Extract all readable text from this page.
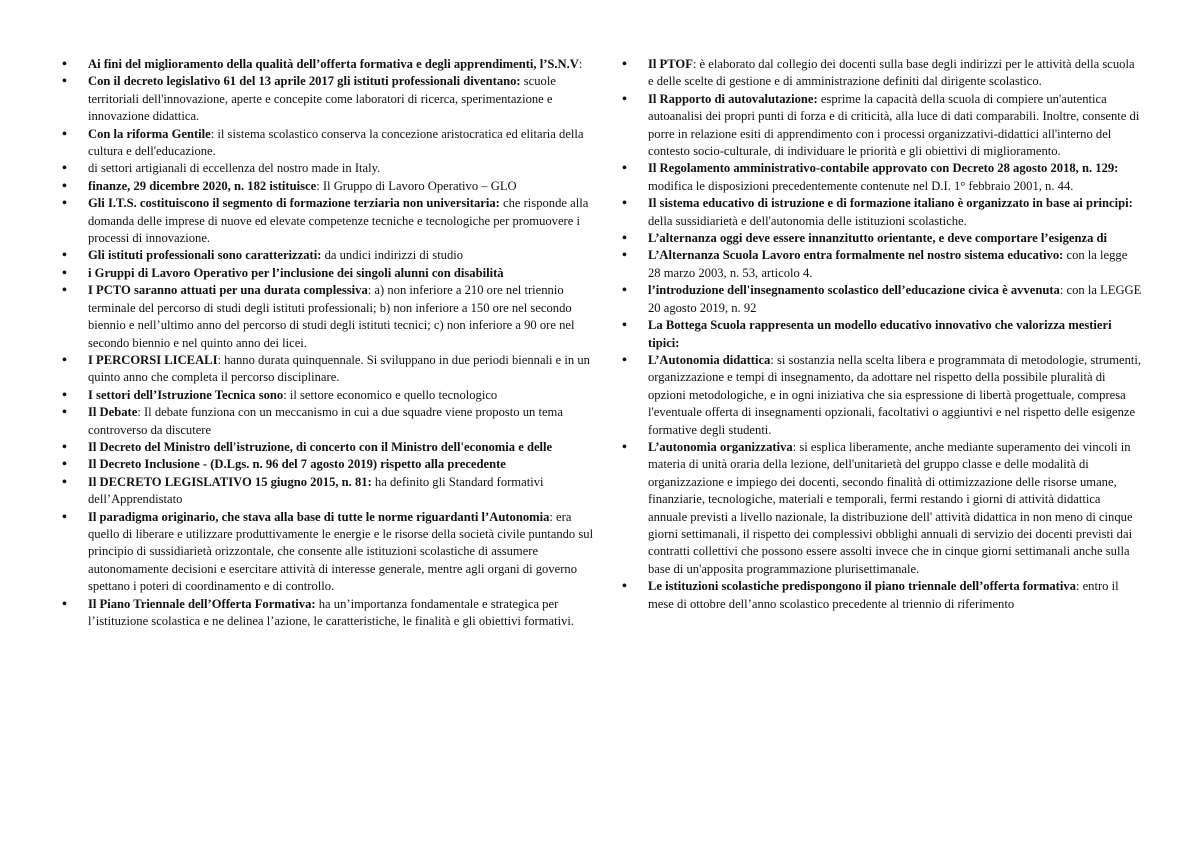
• Ai fini del miglioramento della qualità dell’offerta formativa e degli apprendimenti, l’S.N.V:
• Con il decreto legislativo 61 del 13 aprile 2017 gli istituti professionali diventano: scuole territoriali dell'innovazione, aperte e concepite come laboratori di ricerca, sperimentazione e innovazione didattica.
• Con la riforma Gentile: il sistema scolastico conserva la concezione aristocratica ed elitaria della cultura e dell'educazione.
• di settori artigianali di eccellenza del nostro made in Italy.
• finanze, 29 dicembre 2020, n. 182 istituisce: Il Gruppo di Lavoro Operativo – GLO
• Gli I.T.S. costituiscono il segmento di formazione terziaria non universitaria: che risponde alla domanda delle imprese di nuove ed elevate competenze tecniche e tecnologiche per promuovere i processi di innovazione.
• Gli istituti professionali sono caratterizzati: da undici indirizzi di studio
• i Gruppi di Lavoro Operativo per l’inclusione dei singoli alunni con disabilità
• I PCTO saranno attuati per una durata complessiva: a) non inferiore a 210 ore nel triennio terminale del percorso di studi degli istituti professionali; b) non inferiore a 150 ore nel secondo biennio e nell’ultimo anno del percorso di studi degli istituti tecnici; c) non inferiore a 90 ore nel secondo biennio e nel quinto anno dei licei.
• I PERCORSI LICEALI: hanno durata quinquennale. Si sviluppano in due periodi biennali e in un quinto anno che completa il percorso disciplinare.
• I settori dell’Istruzione Tecnica sono: il settore economico e quello tecnologico
• Il Debate: Il debate funziona con un meccanismo in cui a due squadre viene proposto un tema controverso da discutere
• Il Decreto del Ministro dell'istruzione, di concerto con il Ministro dell'economia e delle
• Il Decreto Inclusione - (D.Lgs. n. 96 del 7 agosto 2019) rispetto alla precedente
• Il DECRETO LEGISLATIVO 15 giugno 2015, n. 81: ha definito gli Standard formativi dell’Apprendistato
• Il paradigma originario, che stava alla base di tutte le norme riguardanti l’Autonomia: era quello di liberare e utilizzare produttivamente le energie e le risorse della società civile puntando sul principio di sussidiarietà orizzontale, che consente alle istituzioni scolastiche di assumere autonomamente decisioni e esercitare attività di interesse generale, mentre agli organi di governo spettano i poteri di coordinamento e di controllo.
• Il Piano Triennale dell’Offerta Formativa: ha un’importanza fondamentale e strategica per l’istituzione scolastica e ne delinea l’azione, le caratteristiche, le finalità e gli obiettivi formativi.
• Il PTOF: è elaborato dal collegio dei docenti sulla base degli indirizzi per le attività della scuola e delle scelte di gestione e di amministrazione definiti dal dirigente scolastico.
• Il Rapporto di autovalutazione: esprime la capacità della scuola di compiere un'autentica autoanalisi dei propri punti di forza e di criticità, alla luce di dati comparabili. Inoltre, consente di porre in relazione esiti di apprendimento con i processi organizzativi-didattici all'interno del contesto socio-culturale, di individuare le priorità e gli obiettivi di miglioramento.
• Il Regolamento amministrativo-contabile approvato con Decreto 28 agosto 2018, n. 129: modifica le disposizioni precedentemente contenute nel D.I. 1° febbraio 2001, n. 44.
• Il sistema educativo di istruzione e di formazione italiano è organizzato in base ai principi: della sussidiarietà e dell'autonomia delle istituzioni scolastiche.
• L’alternanza oggi deve essere innanzitutto orientante, e deve comportare l’esigenza di
• L’Alternanza Scuola Lavoro entra formalmente nel nostro sistema educativo: con la legge 28 marzo 2003, n. 53, articolo 4.
• l’introduzione dell'insegnamento scolastico dell’educazione civica è avvenuta: con la LEGGE 20 agosto 2019, n. 92
• La Bottega Scuola rappresenta un modello educativo innovativo che valorizza mestieri tipici:
• L’Autonomia didattica: si sostanzia nella scelta libera e programmata di metodologie, strumenti, organizzazione e tempi di insegnamento, da adottare nel rispetto della possibile pluralità di opzioni metodologiche, e in ogni iniziativa che sia espressione di libertà progettuale, compresa l'eventuale offerta di insegnamenti opzionali, facoltativi o aggiuntivi e nel rispetto delle esigenze formative degli studenti.
• L’autonomia organizzativa: si esplica liberamente, anche mediante superamento dei vincoli in materia di unità oraria della lezione, dell'unitarietà del gruppo classe e delle modalità di organizzazione e impiego dei docenti, secondo finalità di ottimizzazione delle risorse umane, finanziarie, tecnologiche, materiali e temporali, fermi restando i giorni di attività didattica annuale previsti a livello nazionale, la distribuzione dell' attività didattica in non meno di cinque giorni settimanali, il rispetto dei complessivi obblighi annuali di servizio dei docenti previsti dai contratti collettivi che possono essere assolti invece che in cinque giorni settimanali anche sulla base di un'apposita programmazione plurisettimanale.
• Le istituzioni scolastiche predispongono il piano triennale dell’offerta formativa: entro il mese di ottobre dell’anno scolastico precedente al triennio di riferimento
